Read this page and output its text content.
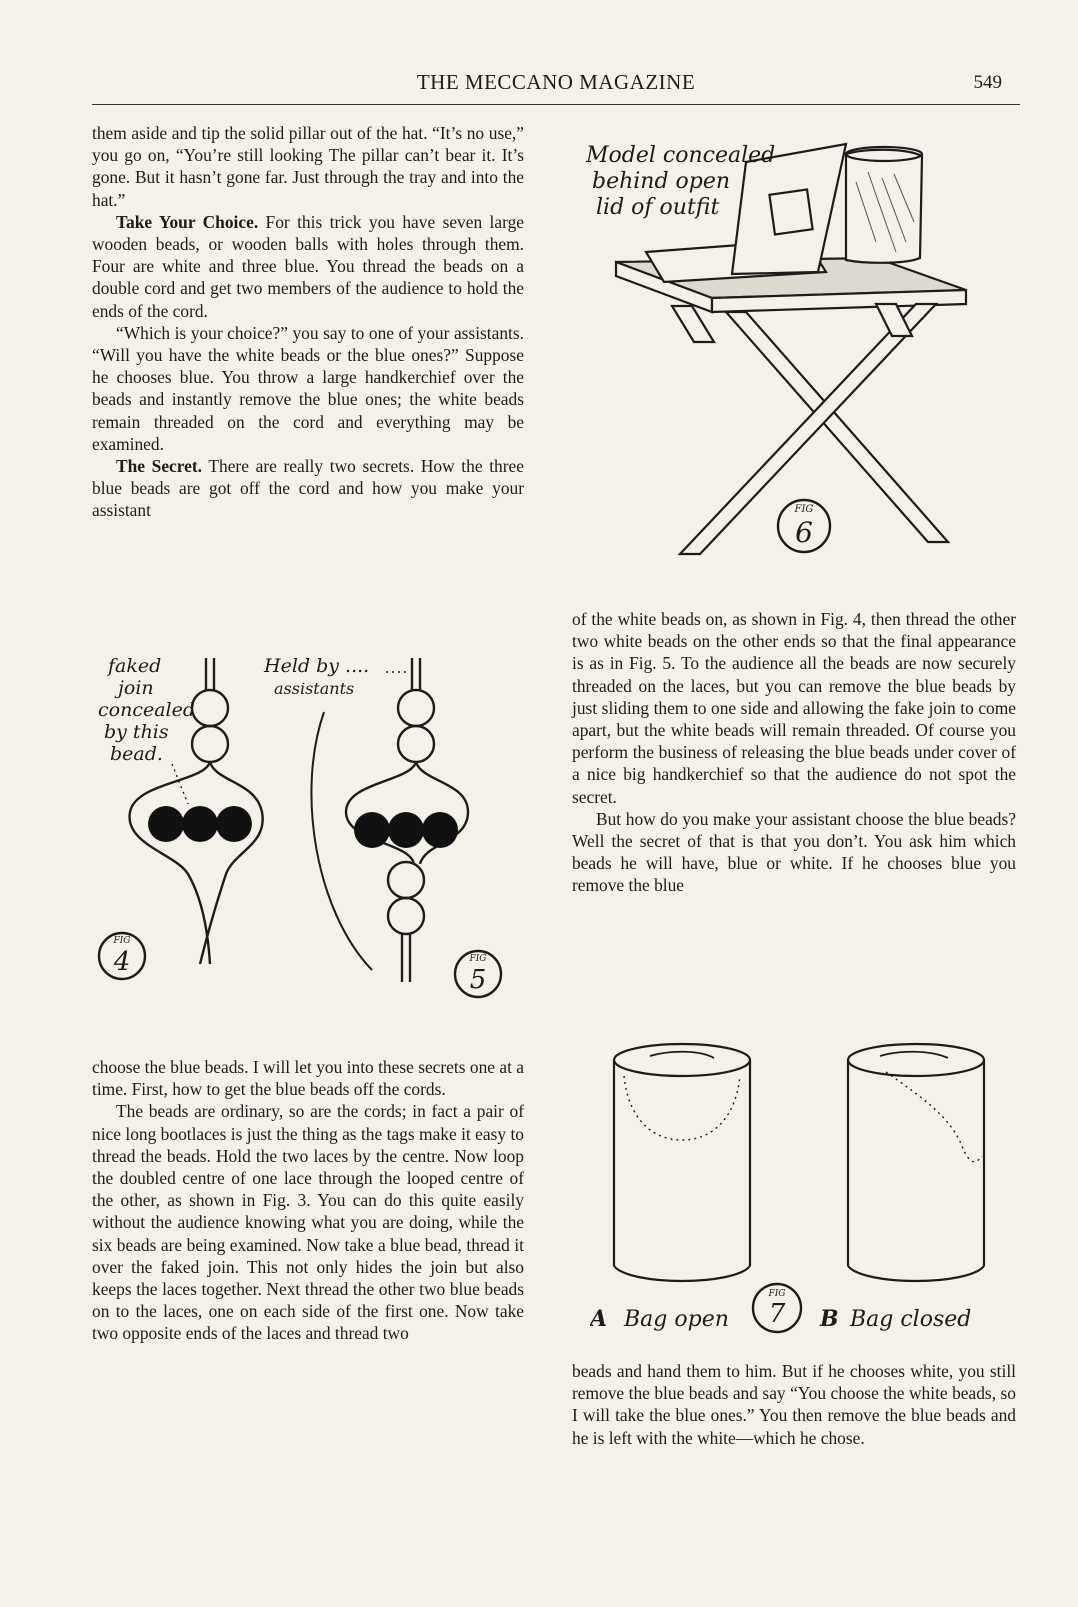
THE MECCANO MAGAZINE	549

them aside and tip the solid pillar out of the hat. “It’s no use,” you go on, “You’re still looking The pillar can’t bear it. It’s gone. But it hasn’t gone far. Just through the tray and into the hat.”

Take Your Choice. For this trick you have seven large wooden beads, or wooden balls with holes through them. Four are white and three blue. You thread the beads on a double cord and get two members of the audience to hold the ends of the cord.

“Which is your choice?” you say to one of your assistants. “Will you have the white beads or the blue ones?” Suppose he chooses blue. You throw a large handkerchief over the beads and instantly remove the blue ones; the white beads remain threaded on the cord and everything may be examined.

The Secret. There are really two secrets. How the three blue beads are got off the cord and how you make your assistant

faked
join
concealed
by this
bead.
Held by ....
assistants
FIG
4	FIG
5

choose the blue beads. I will let you into these secrets one at a time. First, how to get the blue beads off the cords.

The beads are ordinary, so are the cords; in fact a pair of nice long bootlaces is just the thing as the tags make it easy to thread the beads. Hold the two laces by the centre. Now loop the doubled centre of one lace through the looped centre of the other, as shown in Fig. 3. You can do this quite easily without the audience knowing what you are doing, while the six beads are being examined. Now take a blue bead, thread it over the faked join. This not only hides the join but also keeps the laces together. Next thread the other two blue beads on to the laces, one on each side of the first one. Now take two opposite ends of the laces and thread two

Model concealed
behind open
lid of outfit
FIG
6

of the white beads on, as shown in Fig. 4, then thread the other two white beads on the other ends so that the final appearance is as in Fig. 5. To the audience all the beads are now securely threaded on the laces, but you can remove the blue beads by just sliding them to one side and allowing the fake join to come apart, but the white beads will remain threaded. Of course you perform the business of releasing the blue beads under cover of a nice big handkerchief so that the audience do not spot the secret.

But how do you make your assistant choose the blue beads? Well the secret of that is that you don’t. You ask him which beads he will have, blue or white. If he chooses blue you remove the blue

A Bag open	B Bag closed
FIG
7

beads and hand them to him. But if he chooses white, you still remove the blue beads and say “You choose the white beads, so I will take the blue ones.” You then remove the blue beads and he is left with the white—which he chose.
